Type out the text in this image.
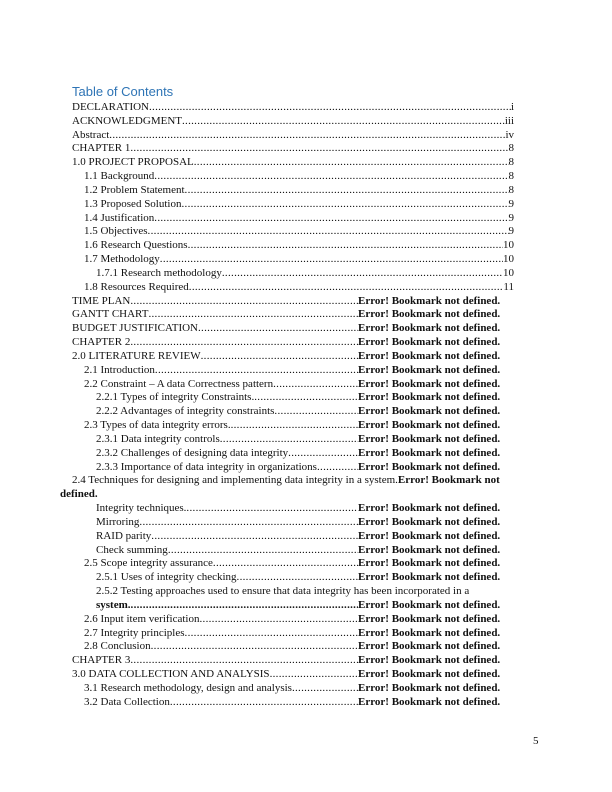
Table of Contents
DECLARATION .....	i
ACKNOWLEDGMENT .....	iii
Abstract .....	iv
CHAPTER 1 .....	8
1.0 PROJECT PROPOSAL .....	8
1.1 Background .....	8
1.2 Problem Statement .....	8
1.3 Proposed Solution .....	9
1.4 Justification .....	9
1.5 Objectives .....	9
1.6 Research Questions .....	10
1.7 Methodology .....	10
1.7.1 Research methodology .....	10
1.8 Resources Required .....	11
TIME PLAN .....	Error! Bookmark not defined.
GANTT CHART .....	Error! Bookmark not defined.
BUDGET JUSTIFICATION .....	Error! Bookmark not defined.
CHAPTER 2 .....	Error! Bookmark not defined.
2.0 LITERATURE REVIEW .....	Error! Bookmark not defined.
2.1 Introduction .....	Error! Bookmark not defined.
2.2 Constraint – A data Correctness pattern .....	Error! Bookmark not defined.
2.2.1 Types of integrity Constraints. .....	Error! Bookmark not defined.
2.2.2 Advantages of integrity constraints .....	Error! Bookmark not defined.
2.3 Types of data integrity errors. .....	Error! Bookmark not defined.
2.3.1 Data integrity controls .....	Error! Bookmark not defined.
2.3.2 Challenges of designing data integrity .....	Error! Bookmark not defined.
2.3.3 Importance of data integrity in organizations .....	Error! Bookmark not defined.
2.4 Techniques for designing and implementing data integrity in a system.Error! Bookmark not defined.
Integrity techniques. .....	Error! Bookmark not defined.
Mirroring .....	Error! Bookmark not defined.
RAID parity .....	Error! Bookmark not defined.
Check summing .....	Error! Bookmark not defined.
2.5 Scope integrity assurance .....	Error! Bookmark not defined.
2.5.1 Uses of integrity checking .....	Error! Bookmark not defined.
2.5.2 Testing approaches used to ensure that data integrity has been incorporated in a
system. .....	Error! Bookmark not defined.
2.6 Input item verification .....	Error! Bookmark not defined.
2.7 Integrity principles .....	Error! Bookmark not defined.
2.8 Conclusion .....	Error! Bookmark not defined.
CHAPTER 3 .....	Error! Bookmark not defined.
3.0 DATA COLLECTION AND ANALYSIS .....	Error! Bookmark not defined.
3.1 Research methodology, design and analysis .....	Error! Bookmark not defined.
3.2 Data Collection .....	Error! Bookmark not defined.
5
